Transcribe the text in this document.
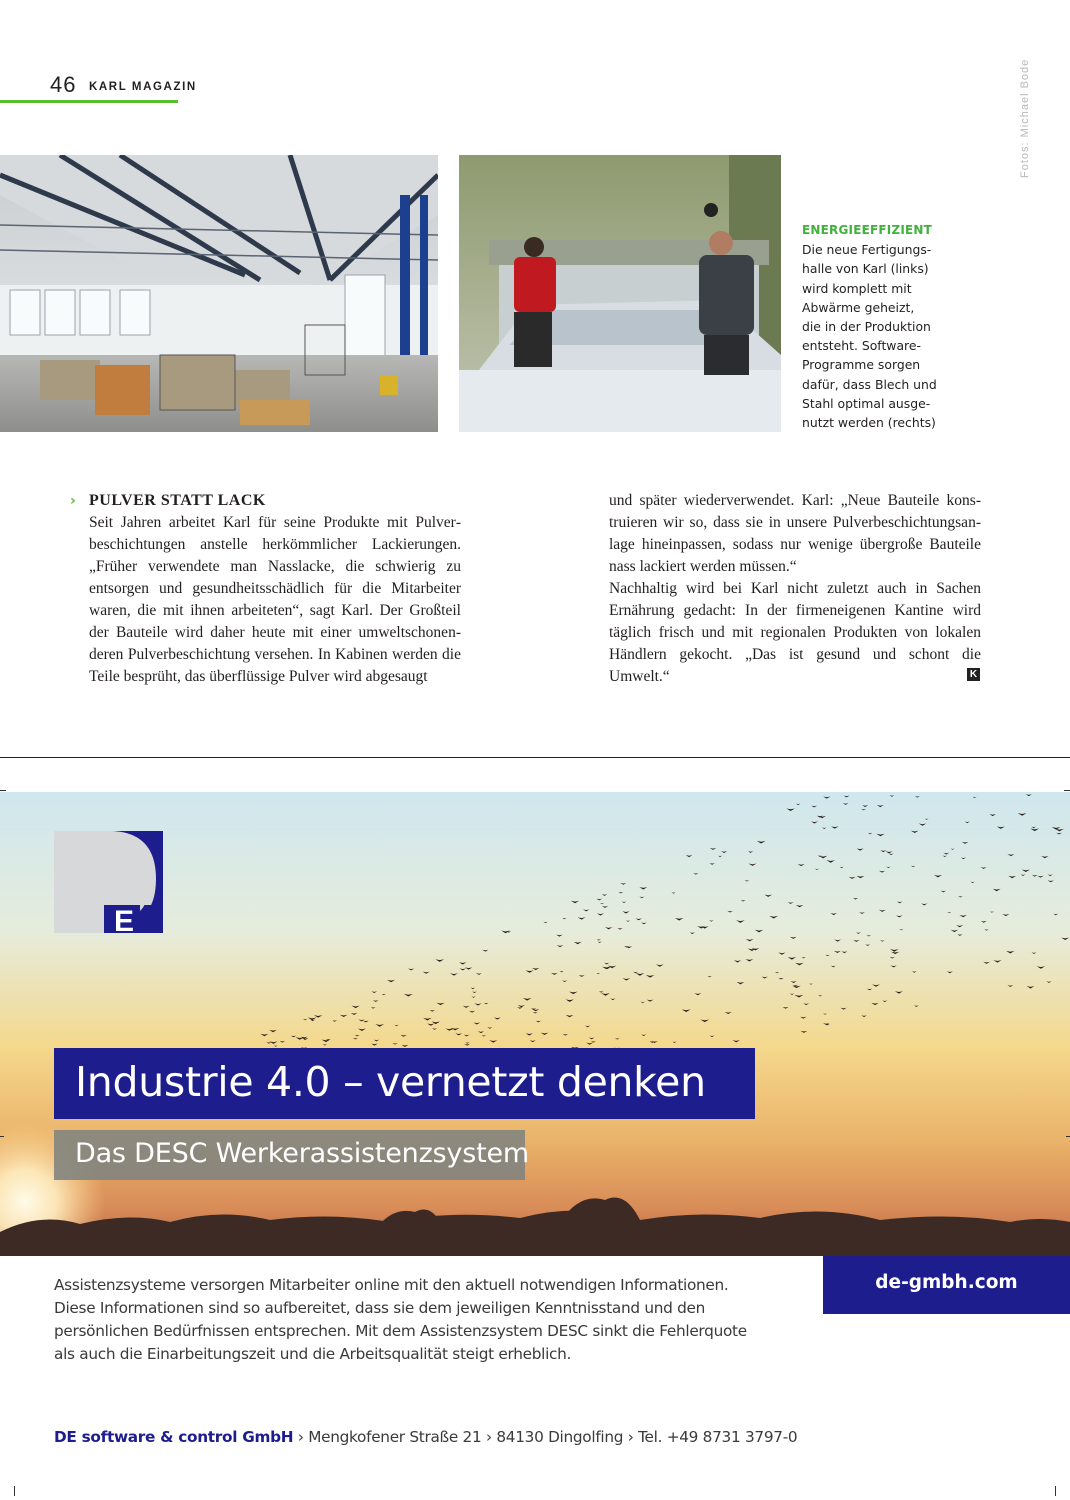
46 KARL MAGAZIN	Fotos: Michael Bode
ENERGIEEFFIZIENT
Die neue Fertigungs-
halle von Karl (links)
wird komplett mit
Abwärme geheizt,
die in der Produktion
entsteht. Software-
Programme sorgen
dafür, dass Blech und
Stahl optimal ausge-
nutzt werden (rechts)
› PULVER STATT LACK

Seit Jahren arbeitet Karl für seine Produkte mit Pulverbeschichtungen anstelle herkömmlicher Lackierungen. „Früher verwendete man Nasslacke, die schwierig zu entsorgen und gesundheitsschädlich für die Mitarbeiter waren, die mit ihnen arbeiteten“, sagt Karl. Der Großteil der Bauteile wird daher heute mit einer umweltschonenderen Pulverbeschichtung versehen. In Kabinen werden die Teile besprüht, das überflüssige Pulver wird abgesaugt

und später wiederverwendet. Karl: „Neue Bauteile konstruieren wir so, dass sie in unsere Pulverbeschichtungsanlage hineinpassen, sodass nur wenige übergroße Bauteile nass lackiert werden müssen.“

Nachhaltig wird bei Karl nicht zuletzt auch in Sachen Ernährung gedacht: In der firmeneigenen Kantine wird täglich frisch und mit regionalen Produkten von lokalen Händlern gekocht. „Das ist gesund und schont die Umwelt.“	K
E
Industrie 4.0 – vernetzt denken
Das DESC Werkerassistenzsystem
de-gmbh.com

Assistenzsysteme versorgen Mitarbeiter online mit den aktuell notwendigen Informationen.

Diese Informationen sind so aufbereitet, dass sie dem jeweiligen Kenntnisstand und den

persönlichen Bedürfnissen entsprechen. Mit dem Assistenzsystem DESC sinkt die Fehlerquote

als auch die Einarbeitungszeit und die Arbeitsqualität steigt erheblich.

DE software & control GmbH › Mengkofener Straße 21 › 84130 Dingolfing › Tel. +49 8731 3797-0
